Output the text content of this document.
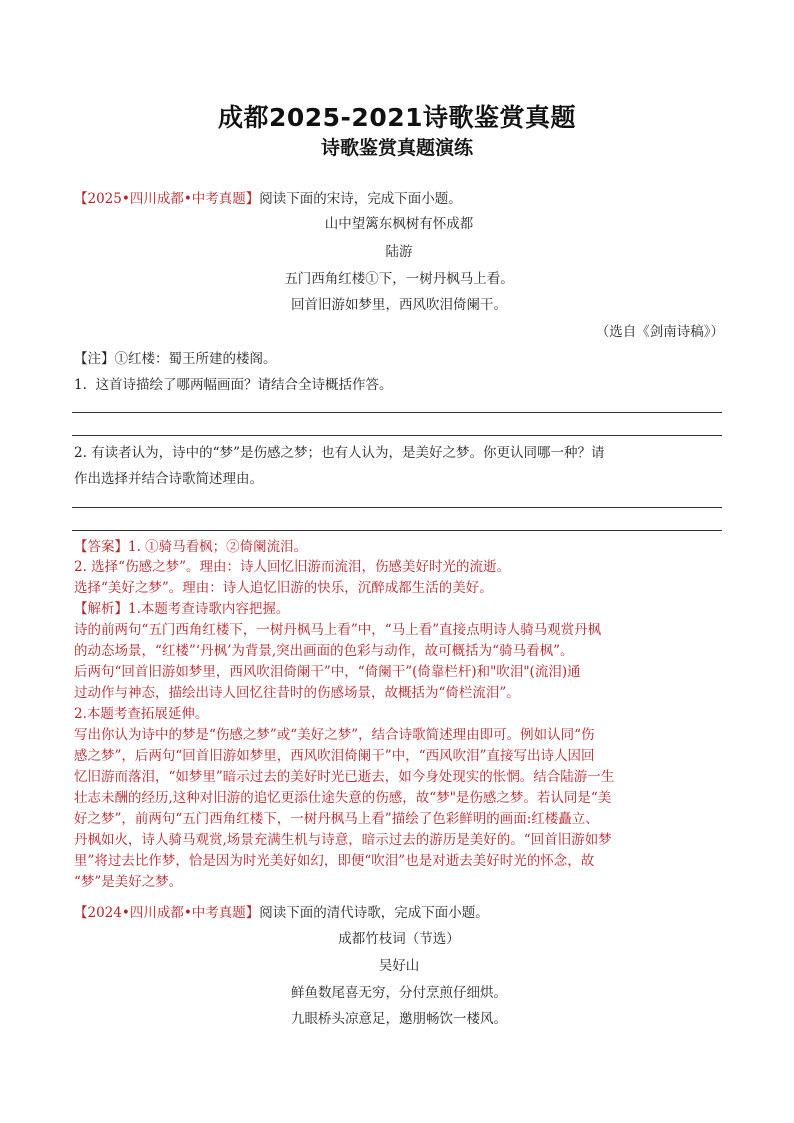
成都2025-2021诗歌鉴赏真题
诗歌鉴赏真题演练
【2025•四川成都•中考真题】阅读下面的宋诗，完成下面小题。
山中望篱东枫树有怀成都
陆游
五门西角红楼①下，一树丹枫马上看。
回首旧游如梦里，西风吹泪倚阑干。
（选自《剑南诗稿》）
【注】①红楼：蜀王所建的楼阁。
1. 这首诗描绘了哪两幅画面？请结合全诗概括作答。
2. 有读者认为，诗中的“梦”是伤感之梦；也有人认为，是美好之梦。你更认同哪一种？请
作出选择并结合诗歌简述理由。
【答案】1. ①骑马看枫；②倚阑流泪。
2. 选择“伤感之梦”。理由：诗人回忆旧游而流泪，伤感美好时光的流逝。
选择“美好之梦”。理由：诗人追忆旧游的快乐，沉醉成都生活的美好。
【解析】1.本题考查诗歌内容把握。
诗的前两句“五门西角红楼下，一树丹枫马上看”中，“马上看”直接点明诗人骑马观赏丹枫
的动态场景，“红楼”‘丹枫’为背景,突出画面的色彩与动作，故可概括为“骑马看枫”。
后两句“回首旧游如梦里，西风吹泪倚阑干”中，“倚阑干”(倚靠栏杆)和"吹泪"(流泪)通
过动作与神态，描绘出诗人回忆往昔时的伤感场景，故概括为“倚栏流泪”。
2.本题考查拓展延伸。
写出你认为诗中的梦是“伤感之梦”或“美好之梦”，结合诗歌简述理由即可。例如认同“伤
感之梦”，后两句“回首旧游如梦里，西风吹泪倚阑干”中，“西风吹泪”直接写出诗人因回
忆旧游而落泪，“如梦里”暗示过去的美好时光已逝去，如今身处现实的怅惘。结合陆游一生
壮志未酬的经历,这种对旧游的追忆更添仕途失意的伤感，故“梦"是伤感之梦。若认同是“美
好之梦”，前两句“五门西角红楼下，一树丹枫马上看”描绘了色彩鲜明的画面:红楼矗立、
丹枫如火，诗人骑马观赏,场景充满生机与诗意，暗示过去的游历是美好的。“回首旧游如梦
里”将过去比作梦，恰是因为时光美好如幻，即便“吹泪”也是对逝去美好时光的怀念，故
“梦”是美好之梦。
【2024•四川成都•中考真题】阅读下面的清代诗歌，完成下面小题。
成都竹枝词（节选）
吴好山
鲜鱼数尾喜无穷，分付烹煎仔细烘。
九眼桥头凉意足，邀朋畅饮一楼风。
